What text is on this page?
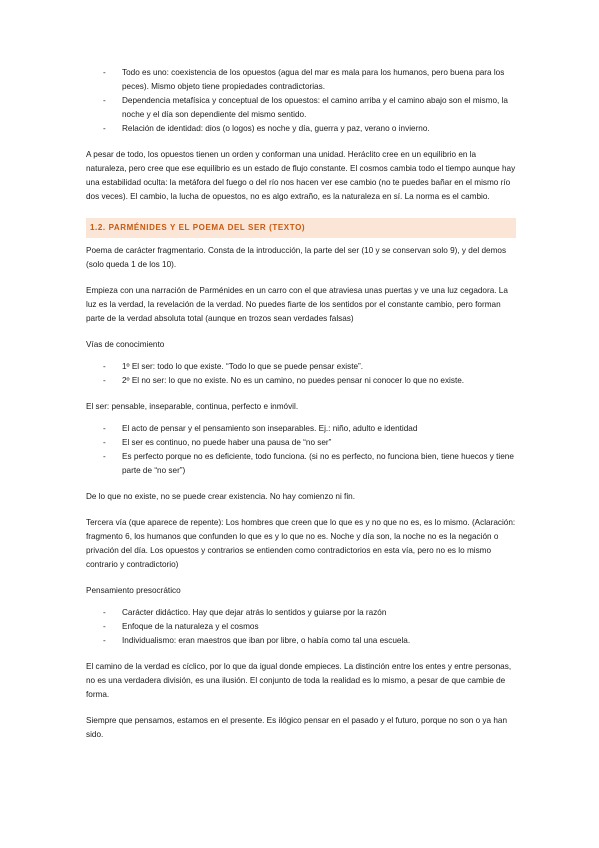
- Todo es uno: coexistencia de los opuestos (agua del mar es mala para los humanos, pero buena para los peces). Mismo objeto tiene propiedades contradictorias.
- Dependencia metafísica y conceptual de los opuestos: el camino arriba y el camino abajo son el mismo, la noche y el día son dependiente del mismo sentido.
- Relación de identidad: dios (o logos) es noche y día, guerra y paz, verano o invierno.

A pesar de todo, los opuestos tienen un orden y conforman una unidad. Heráclito cree en un equilibrio en la naturaleza, pero cree que ese equilibrio es un estado de flujo constante. El cosmos cambia todo el tiempo aunque hay una estabilidad oculta: la metáfora del fuego o del río nos hacen ver ese cambio (no te puedes bañar en el mismo río dos veces). El cambio, la lucha de opuestos, no es algo extraño, es la naturaleza en sí. La norma es el cambio.

1.2. PARMÉNIDES Y EL POEMA DEL SER (TEXTO)

Poema de carácter fragmentario. Consta de la introducción, la parte del ser (10 y se conservan solo 9), y del demos (solo queda 1 de los 10).

Empieza con una narración de Parménides en un carro con el que atraviesa unas puertas y ve una luz cegadora. La luz es la verdad, la revelación de la verdad. No puedes fiarte de los sentidos por el constante cambio, pero forman parte de la verdad absoluta total (aunque en trozos sean verdades falsas)

Vías de conocimiento

- 1º El ser: todo lo que existe. “Todo lo que se puede pensar existe”.
- 2º El no ser: lo que no existe. No es un camino, no puedes pensar ni conocer lo que no existe.

El ser: pensable, inseparable, continua, perfecto e inmóvil.

- El acto de pensar y el pensamiento son inseparables. Ej.: niño, adulto e identidad
- El ser es continuo, no puede haber una pausa de “no ser”
- Es perfecto porque no es deficiente, todo funciona. (si no es perfecto, no funciona bien, tiene huecos y tiene parte de “no ser”)

De lo que no existe, no se puede crear existencia. No hay comienzo ni fin.

Tercera vía (que aparece de repente): Los hombres que creen que lo que es y no que no es, es lo mismo. (Aclaración: fragmento 6, los humanos que confunden lo que es y lo que no es. Noche y día son, la noche no es la negación o privación del día. Los opuestos y contrarios se entienden como contradictorios en esta vía, pero no es lo mismo contrario y contradictorio)

Pensamiento presocrático

- Carácter didáctico. Hay que dejar atrás lo sentidos y guiarse por la razón
- Enfoque de la naturaleza y el cosmos
- Individualismo: eran maestros que iban por libre, o había como tal una escuela.

El camino de la verdad es cíclico, por lo que da igual donde empieces. La distinción entre los entes y entre personas, no es una verdadera división, es una ilusión. El conjunto de toda la realidad es lo mismo, a pesar de que cambie de forma.

Siempre que pensamos, estamos en el presente. Es ilógico pensar en el pasado y el futuro, porque no son o ya han sido.
